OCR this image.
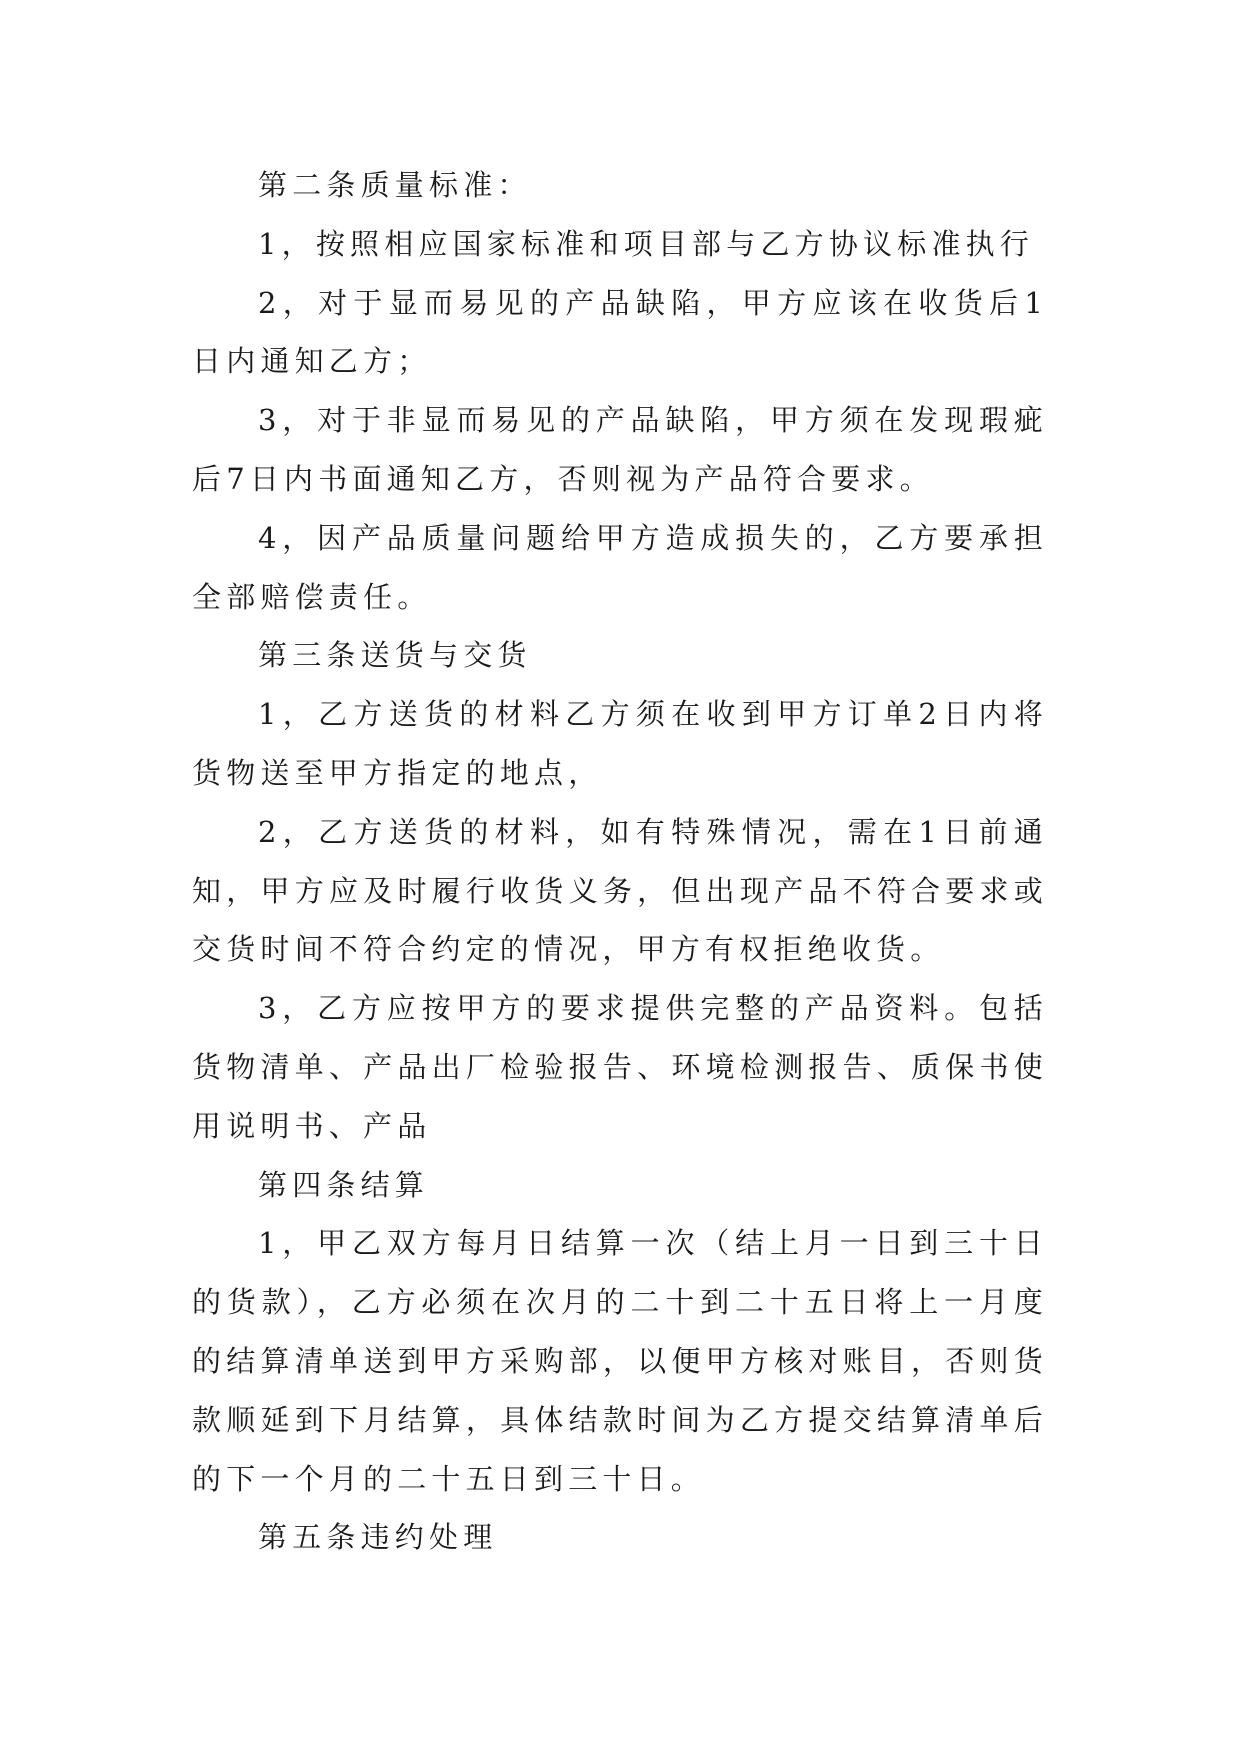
第二条质量标准：

1，按照相应国家标准和项目部与乙方协议标准执行

2，对于显而易见的产品缺陷，甲方应该在收货后1日内通知乙方；

3，对于非显而易见的产品缺陷，甲方须在发现瑕疵后7日内书面通知乙方，否则视为产品符合要求。

4，因产品质量问题给甲方造成损失的，乙方要承担全部赔偿责任。

第三条送货与交货

1，乙方送货的材料乙方须在收到甲方订单2日内将货物送至甲方指定的地点，

2，乙方送货的材料，如有特殊情况，需在1日前通知，甲方应及时履行收货义务，但出现产品不符合要求或交货时间不符合约定的情况，甲方有权拒绝收货。

3，乙方应按甲方的要求提供完整的产品资料。包括货物清单、产品出厂检验报告、环境检测报告、质保书使用说明书、产品

第四条结算

1，甲乙双方每月日结算一次（结上月一日到三十日的货款），乙方必须在次月的二十到二十五日将上一月度的结算清单送到甲方采购部，以便甲方核对账目，否则货款顺延到下月结算，具体结款时间为乙方提交结算清单后的下一个月的二十五日到三十日。

第五条违约处理
